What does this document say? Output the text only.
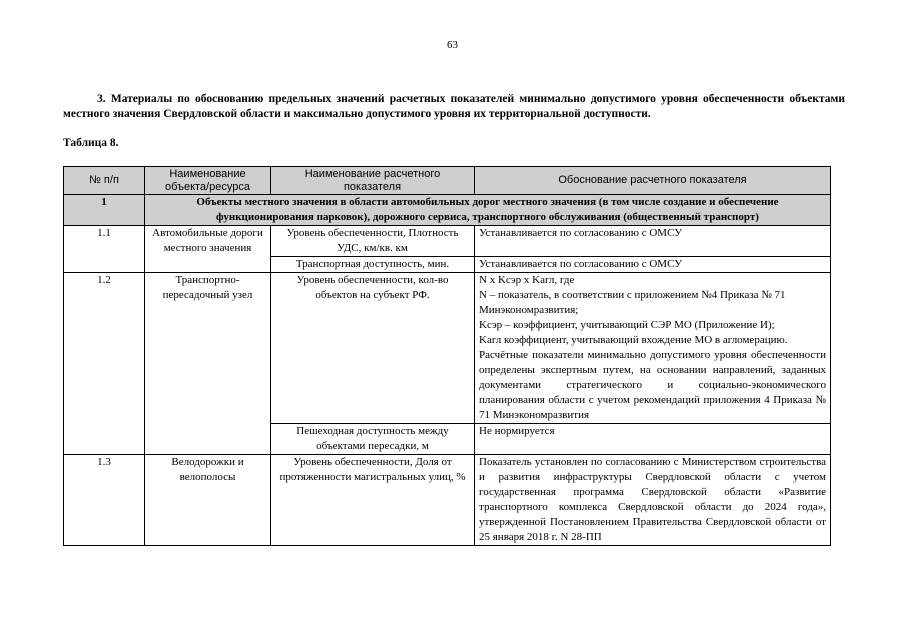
63
3. Материалы по обоснованию предельных значений расчетных показателей минимально допустимого уровня обеспеченности объектами местного значения Свердловской области и максимально допустимого уровня их территориальной доступности.
Таблица 8.
№ п/п	Наименование объекта/ресурса	Наименование расчетного показателя	Обоснование расчетного показателя
1	Объекты местного значения в области автомобильных дорог местного значения (в том числе создание и обеспечение функционирования парковок), дорожного сервиса, транспортного обслуживания (общественный транспорт)		
1.1	Автомобильные дороги местного значения	Уровень обеспеченности, Плотность УДС, км/кв. км	Устанавливается по согласованию с ОМСУ
		Транспортная доступность, мин.	Устанавливается по согласованию с ОМСУ
1.2	Транспортно-пересадочный узел	Уровень обеспеченности, кол-во объектов на субъект РФ.	N x Kсэр x Kагл, где
N – показатель, в соответствии с приложением №4 Приказа № 71 Минэкономразвития;
Kсэр – коэффициент, учитывающий СЭР МО (Приложение И);
Kагл коэффициент, учитывающий вхождение МО в агломерацию.
Расчётные показатели минимально допустимого уровня обеспеченности определены экспертным путем, на основании направлений, заданных документами стратегического и социально-экономического планирования области с учетом рекомендаций приложения 4 Приказа № 71 Минэкономразвития

		Пешеходная доступность между объектами пересадки, м	Не нормируется
1.3	Велодорожки и велополосы	Уровень обеспеченности, Доля от протяженности магистральных улиц, %	Показатель установлен по согласованию с Министерством строительства и развития инфраструктуры Свердловской области с учетом государственная программа Свердловской области «Развитие транспортного комплекса Свердловской области до 2024 года», утвержденной Постановлением Правительства Свердловской области от 25 января 2018 г. N 28-ПП
